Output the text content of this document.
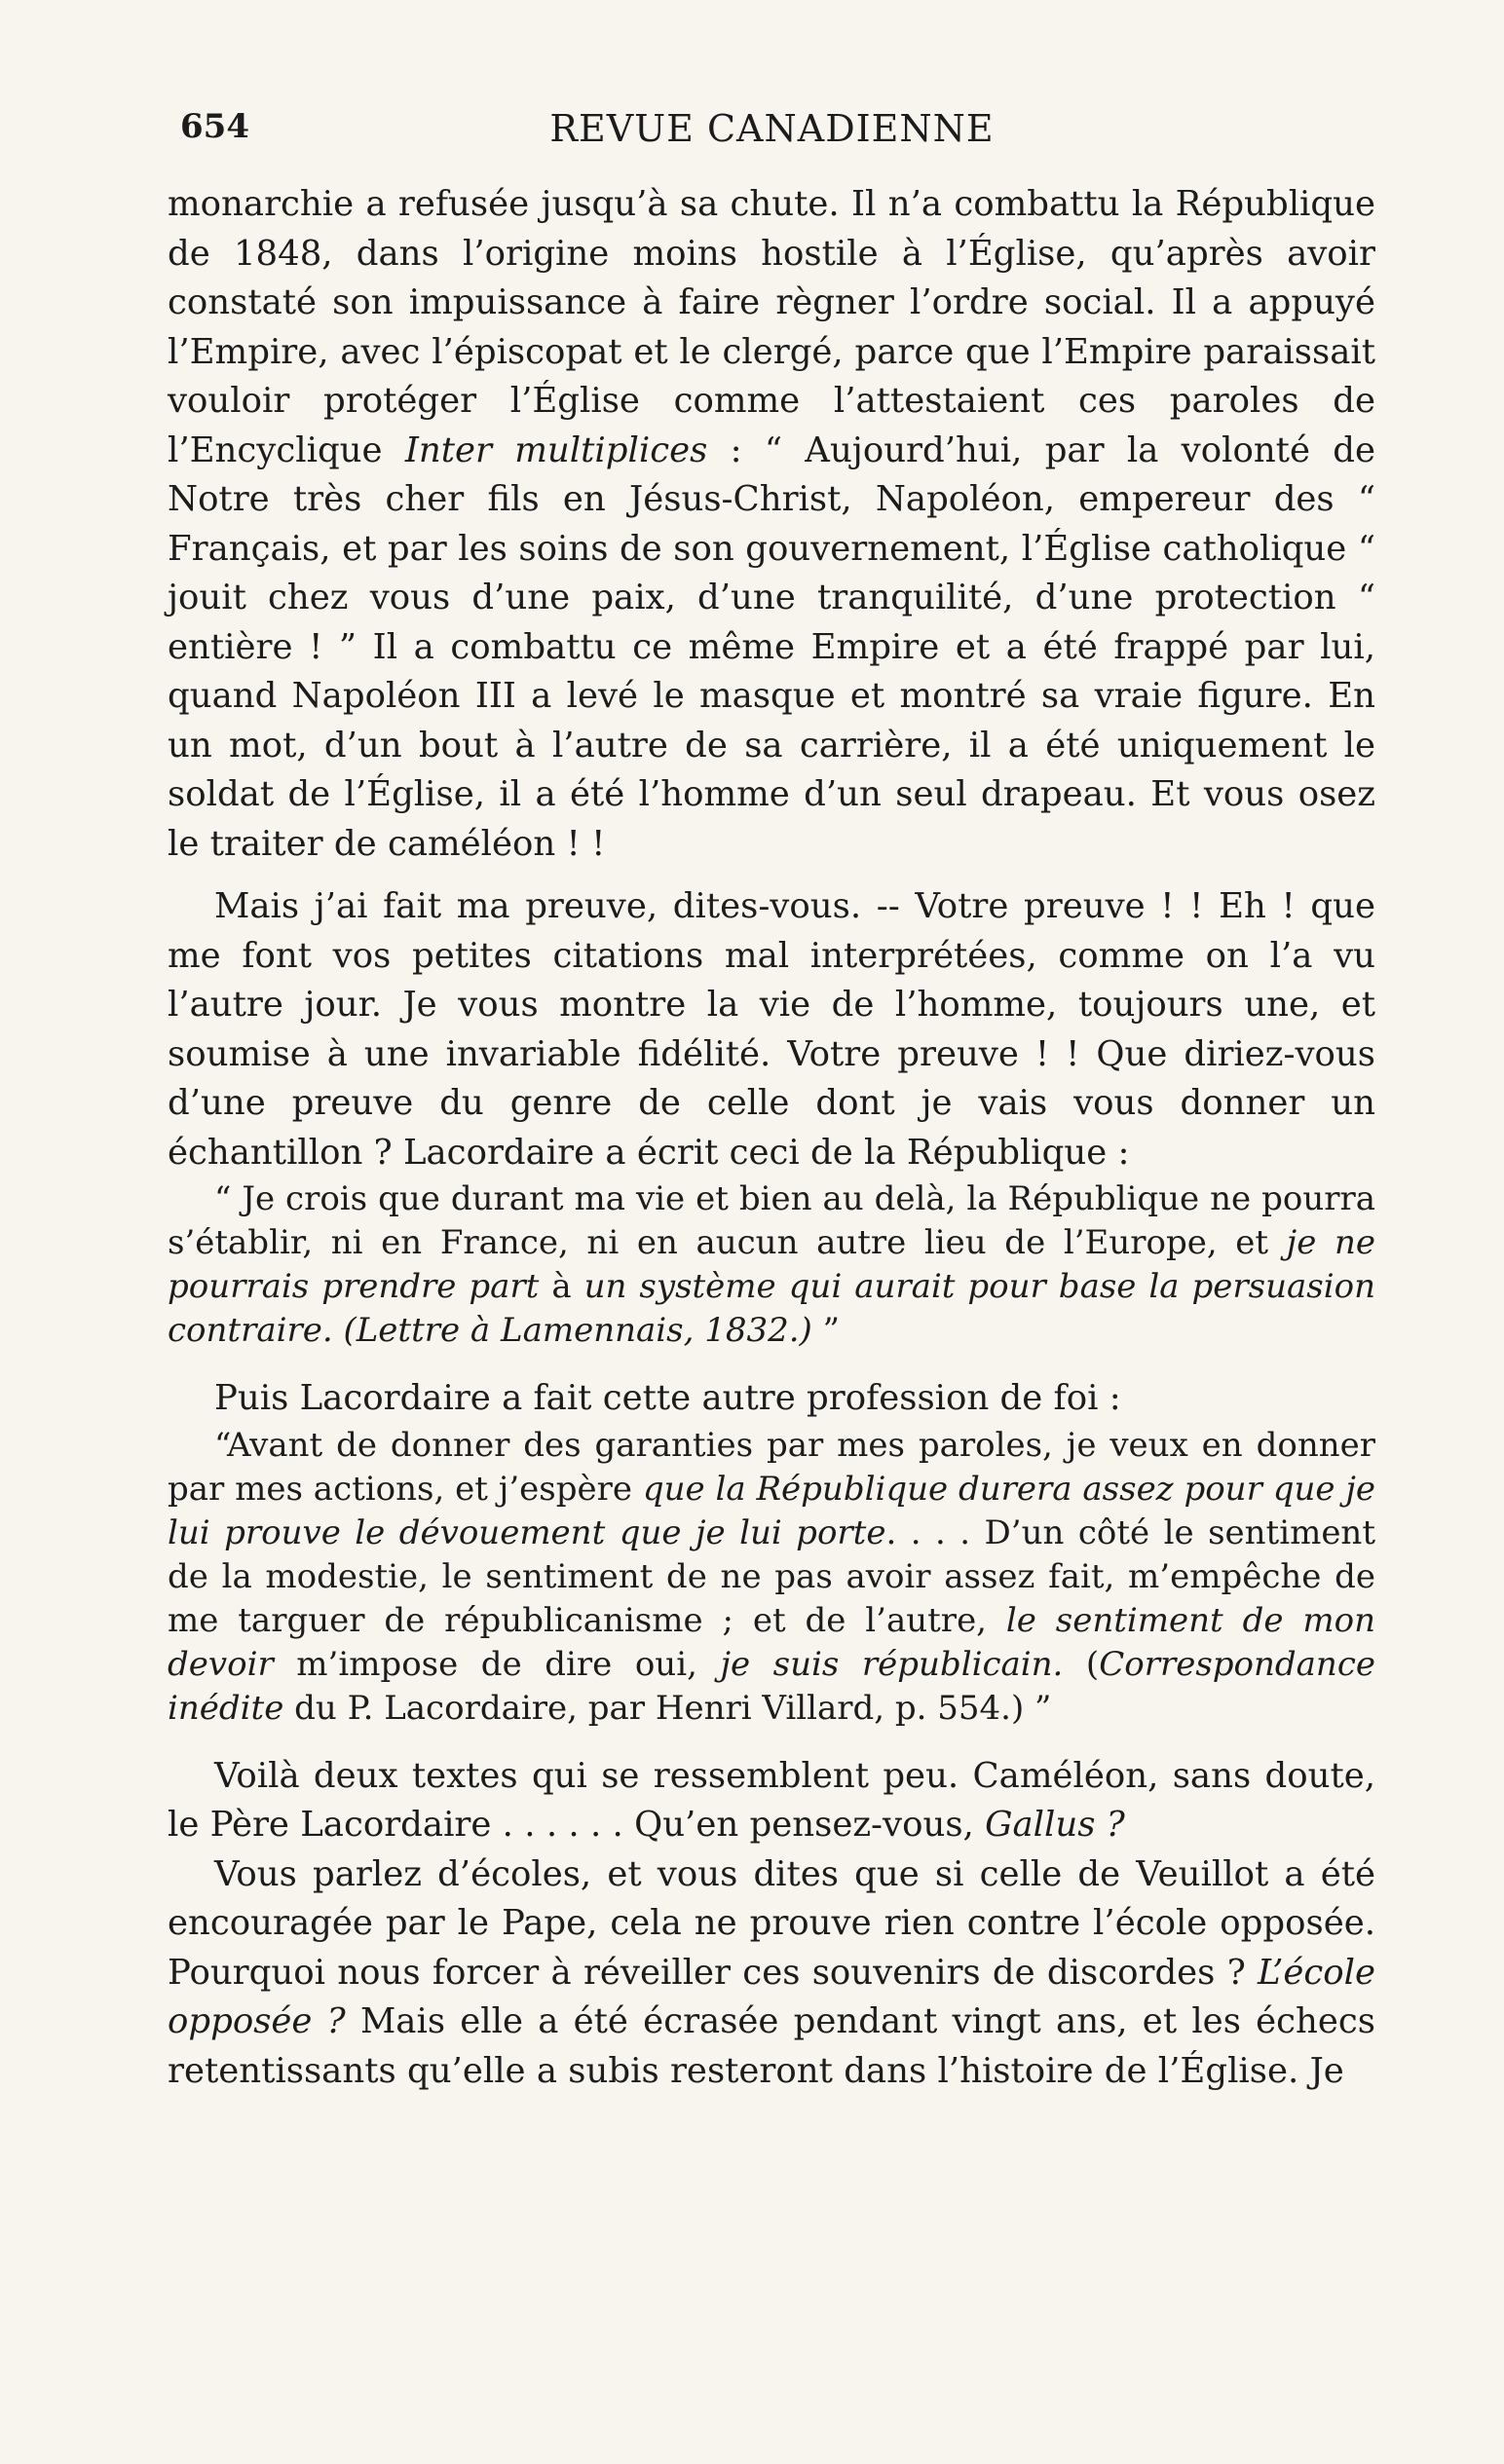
654	REVUE CANADIENNE

monarchie a refusée jusqu’à sa chute. Il n’a combattu la République de 1848, dans l’origine moins hostile à l’Église, qu’après avoir constaté son impuissance à faire règner l’ordre social. Il a appuyé l’Empire, avec l’épiscopat et le clergé, parce que l’Empire paraissait vouloir protéger l’Église comme l’attestaient ces paroles de l’Encyclique Inter multiplices : “ Aujourd’hui, par la volonté de Notre très cher fils en Jésus-Christ, Napoléon, empereur des “ Français, et par les soins de son gouvernement, l’Église catholique “ jouit chez vous d’une paix, d’une tranquilité, d’une protection “ entière ! ” Il a combattu ce même Empire et a été frappé par lui, quand Napoléon III a levé le masque et montré sa vraie figure. En un mot, d’un bout à l’autre de sa carrière, il a été uniquement le soldat de l’Église, il a été l’homme d’un seul drapeau. Et vous osez le traiter de caméléon ! !

Mais j’ai fait ma preuve, dites-vous. -- Votre preuve ! ! Eh ! que me font vos petites citations mal interprétées, comme on l’a vu l’autre jour. Je vous montre la vie de l’homme, toujours une, et soumise à une invariable fidélité. Votre preuve ! ! Que diriez-vous d’une preuve du genre de celle dont je vais vous donner un échantillon ? Lacordaire a écrit ceci de la République :

“ Je crois que durant ma vie et bien au delà, la République ne pourra s’établir, ni en France, ni en aucun autre lieu de l’Europe, et je ne pourrais prendre part à un système qui aurait pour base la persuasion contraire. (Lettre à Lamennais, 1832.) ”

Puis Lacordaire a fait cette autre profession de foi :

“Avant de donner des garanties par mes paroles, je veux en donner par mes actions, et j’espère que la République durera assez pour que je lui prouve le dévouement que je lui porte. . . . D’un côté le sentiment de la modestie, le sentiment de ne pas avoir assez fait, m’empêche de me targuer de républicanisme ; et de l’autre, le sentiment de mon devoir m’impose de dire oui, je suis républicain. (Correspondance inédite du P. Lacordaire, par Henri Villard, p. 554.) ”

Voilà deux textes qui se ressemblent peu. Caméléon, sans doute, le Père Lacordaire . . . . . . Qu’en pensez-vous, Gallus ?

Vous parlez d’écoles, et vous dites que si celle de Veuillot a été encouragée par le Pape, cela ne prouve rien contre l’école opposée. Pourquoi nous forcer à réveiller ces souvenirs de discordes ? L’école opposée ? Mais elle a été écrasée pendant vingt ans, et les échecs retentissants qu’elle a subis resteront dans l’histoire de l’Église. Je
